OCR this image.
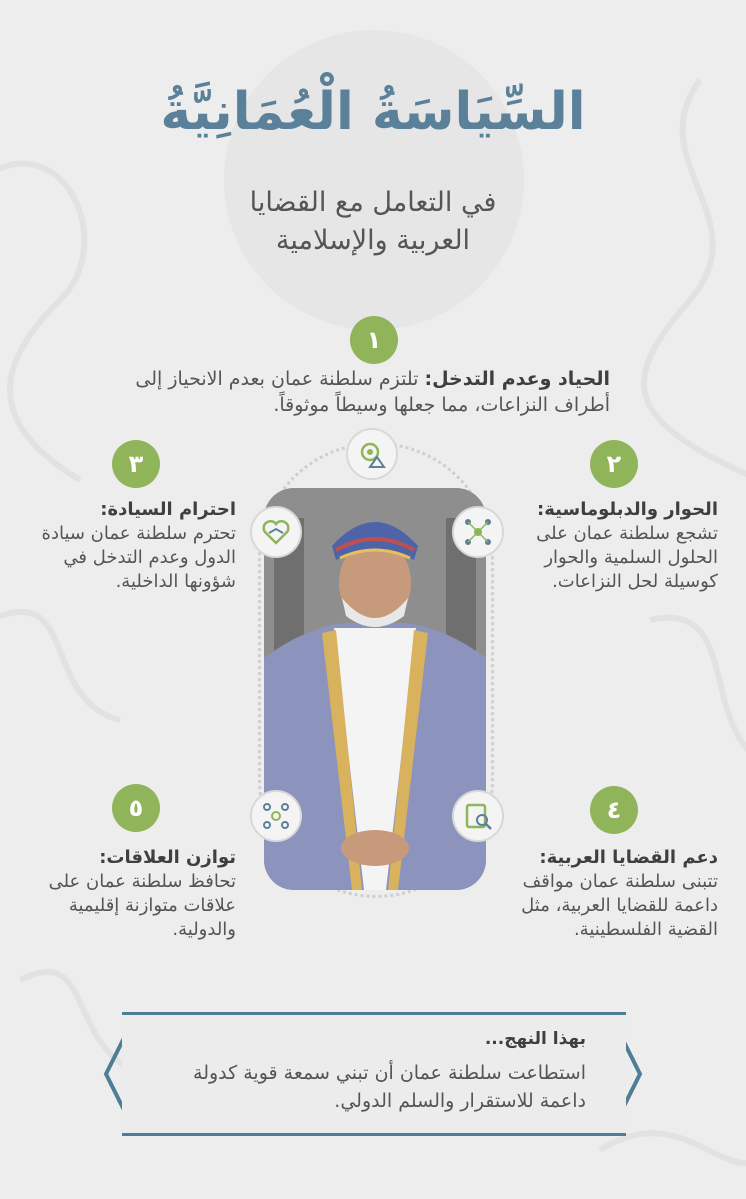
السِّيَاسَةُ الْعُمَانِيَّةُ
في التعامل مع القضايا
العربية والإسلامية
١
الحياد وعدم التدخل: تلتزم سلطنة عمان بعدم الانحياز إلى أطراف النزاعات، مما جعلها وسيطاً موثوقاً.
٢
الحوار والدبلوماسية:
تشجع سلطنة عمان على الحلول السلمية والحوار كوسيلة لحل النزاعات.
٣
احترام السيادة:
تحترم سلطنة عمان سيادة الدول وعدم التدخل في شؤونها الداخلية.
٤
دعم القضايا العربية:
تتبنى سلطنة عمان مواقف داعمة للقضايا العربية، مثل القضية الفلسطينية.
٥
توازن العلاقات:
تحافظ سلطنة عمان على علاقات متوازنة إقليمية والدولية.
بهذا النهج...
استطاعت سلطنة عمان أن تبني سمعة قوية كدولة داعمة للاستقرار والسلم الدولي.
